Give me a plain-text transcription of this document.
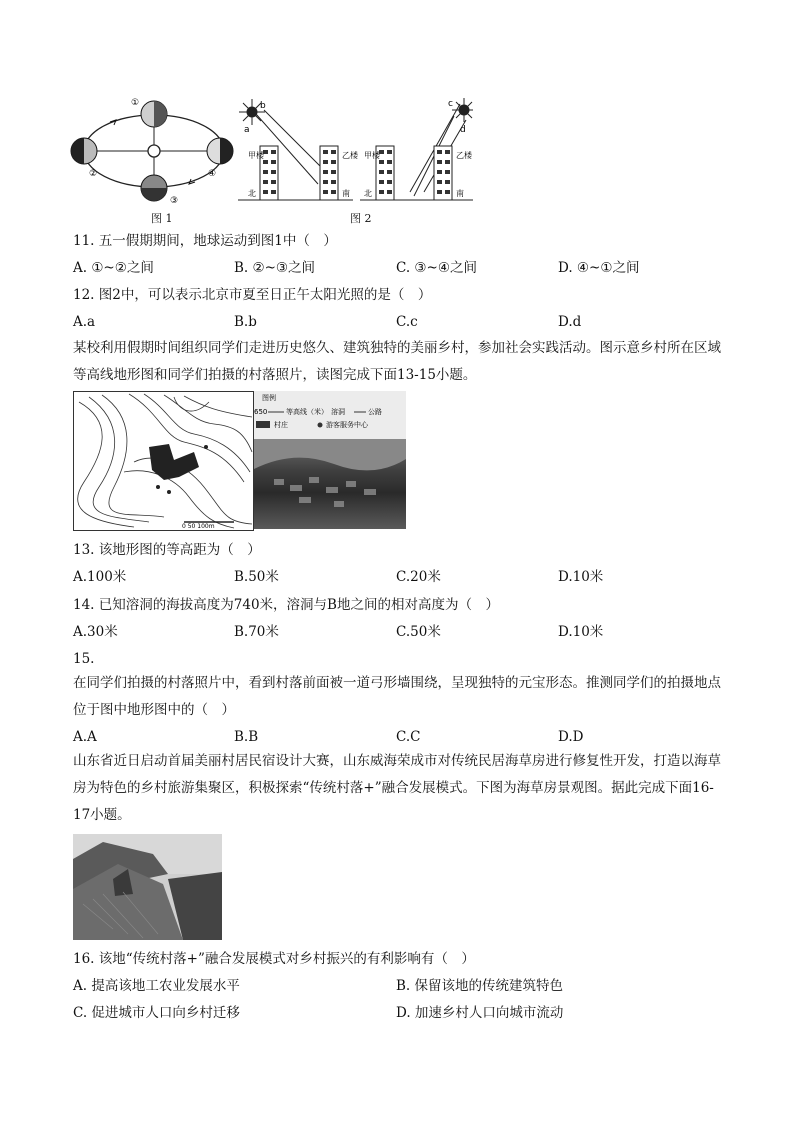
①
②
③
④
图 1
b
a
甲楼	乙楼
北	南
c
d
甲楼	乙楼
北	南
图 2
11. 五一假期期间，地球运动到图1中（　）
A. ①~②之间	B. ②~③之间	C. ③~④之间	D. ④~①之间
12. 图2中，可以表示北京市夏至日正午太阳光照的是（　）
A.a	B.b	C.c	D.d
某校利用假期时间组织同学们走进历史悠久、建筑独特的美丽乡村，参加社会实践活动。图示意乡村所在区域等高线地形图和同学们拍摄的村落照片，读图完成下面13-15小题。
0 50 100m
图例
650	等高线（米） 溶洞	公路
村庄	游客服务中心
13. 该地形图的等高距为（　）
A.100米	B.50米	C.20米	D.10米
14. 已知溶洞的海拔高度为740米，溶洞与B地之间的相对高度为（　）
A.30米	B.70米	C.50米	D.10米
15.
在同学们拍摄的村落照片中，看到村落前面被一道弓形墙围绕，呈现独特的元宝形态。推测同学们的拍摄地点位于图中地形图中的（　）
A.A	B.B	C.C	D.D
山东省近日启动首届美丽村居民宿设计大赛，山东威海荣成市对传统民居海草房进行修复性开发，打造以海草房为特色的乡村旅游集聚区，积极探索“传统村落+”融合发展模式。下图为海草房景观图。据此完成下面16-17小题。
16. 该地“传统村落+”融合发展模式对乡村振兴的有利影响有（　）
A. 提高该地工农业发展水平	B. 保留该地的传统建筑特色
C. 促进城市人口向乡村迁移	D. 加速乡村人口向城市流动
